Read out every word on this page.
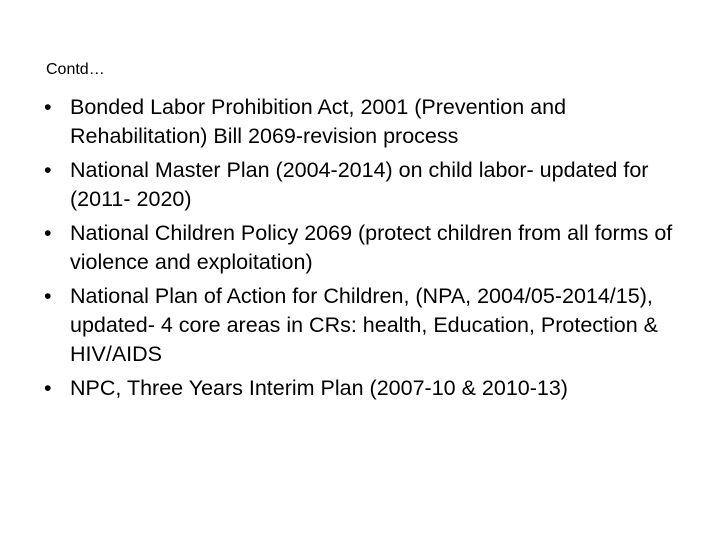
Contd…
• Bonded Labor Prohibition Act, 2001 (Prevention and Rehabilitation) Bill 2069-revision process
• National Master Plan (2004-2014) on child labor- updated for (2011- 2020)
• National Children Policy 2069 (protect children from all forms of violence and exploitation)
• National Plan of Action for Children, (NPA, 2004/05-2014/15), updated- 4 core areas in CRs: health, Education, Protection & HIV/AIDS
• NPC, Three Years Interim Plan (2007-10 & 2010-13)
